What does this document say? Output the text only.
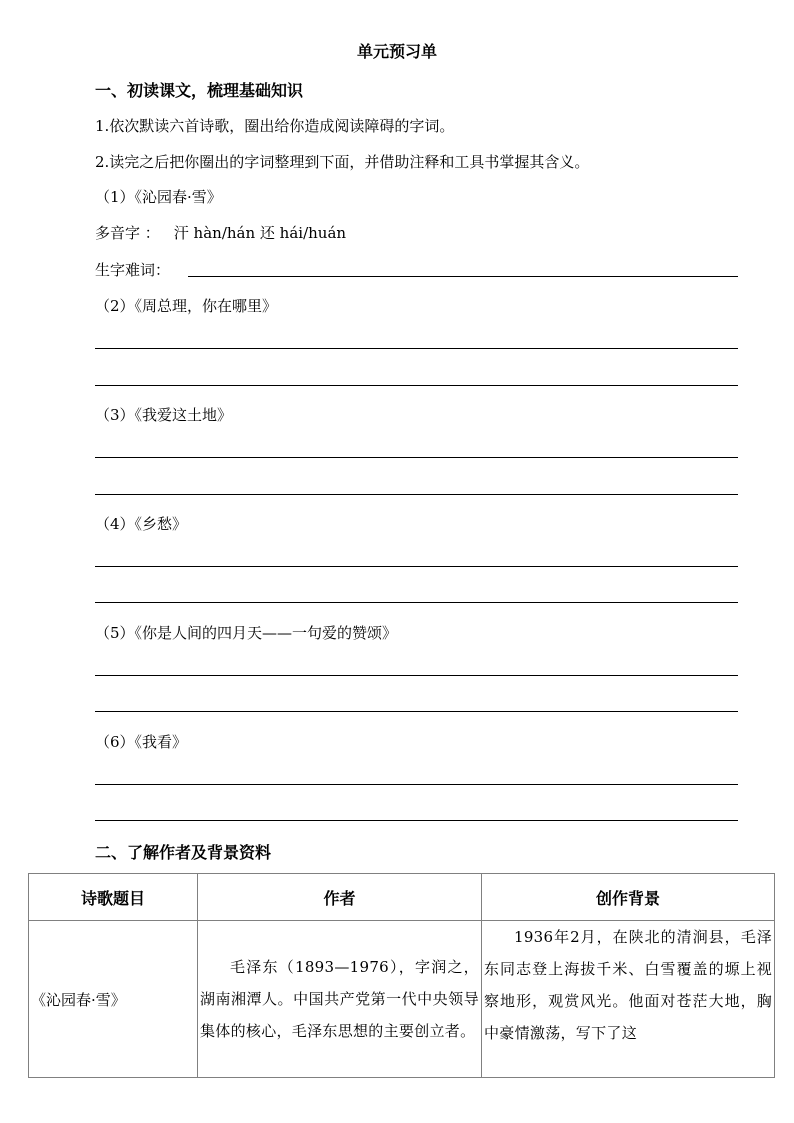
单元预习单
一、初读课文，梳理基础知识
1.依次默读六首诗歌，圈出给你造成阅读障碍的字词。
2.读完之后把你圈出的字词整理到下面，并借助注释和工具书掌握其含义。
（1）《沁园春·雪》
多音字 ： 汗 hàn/hán 还 hái/huán
生字难词：
（2）《周总理，你在哪里》
（3）《我爱这土地》
（4）《乡愁》
（5）《你是人间的四月天——一句爱的赞颂》
（6）《我看》
二、了解作者及背景资料
诗歌题目	作者	创作背景
《沁园春·雪》	毛泽东（1893—1976），字润之，湖南湘潭人。中国共产党第一代中央领导集体的核心，毛泽东思想的主要创立者。	1936年2月，在陕北的清涧县，毛泽东同志登上海拔千米、白雪覆盖的塬上视察地形，观赏风光。他面对苍茫大地，胸中豪情激荡，写下了这
